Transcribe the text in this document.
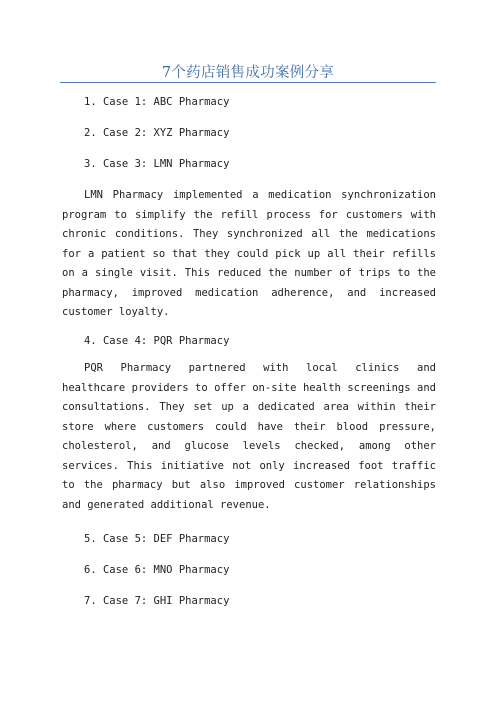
7个药店销售成功案例分享
1. Case 1: ABC Pharmacy
2. Case 2: XYZ Pharmacy
3. Case 3: LMN Pharmacy

LMN Pharmacy implemented a medication synchronization program to simplify the refill process for customers with chronic conditions. They synchronized all the medications for a patient so that they could pick up all their refills on a single visit. This reduced the number of trips to the pharmacy, improved medication adherence, and increased customer loyalty.

4. Case 4: PQR Pharmacy

PQR Pharmacy partnered with local clinics and healthcare providers to offer on-site health screenings and consultations. They set up a dedicated area within their store where customers could have their blood pressure, cholesterol, and glucose levels checked, among other services. This initiative not only increased foot traffic to the pharmacy but also improved customer relationships and generated additional revenue.

5. Case 5: DEF Pharmacy
6. Case 6: MNO Pharmacy
7. Case 7: GHI Pharmacy
